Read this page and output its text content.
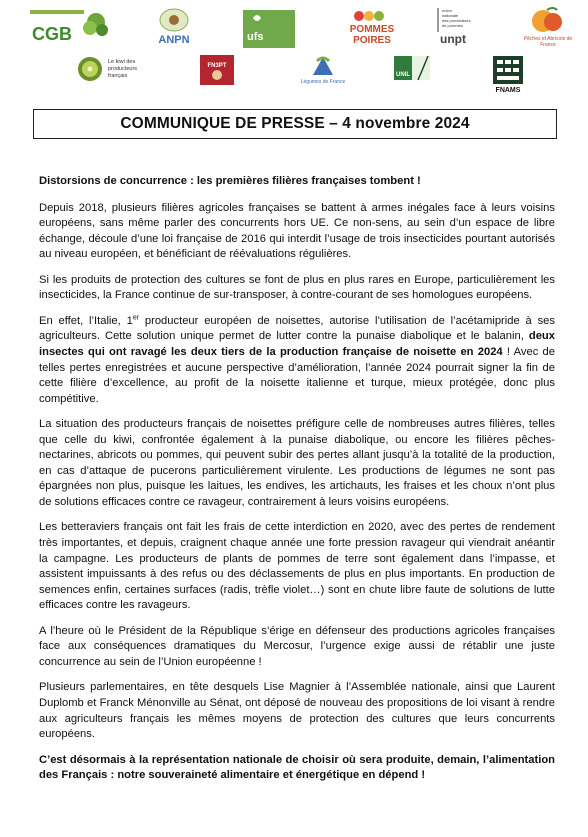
CGB	ANPN	ufs
POMMES
POIRES
union
nationale
des producteurs
de pommes
unpt	Pêches et Abricots de France
Le kiwi des producteurs français
FN3PT
Légumes de France
UNIL
FNAMS
COMMUNIQUE DE PRESSE – 4 novembre 2024

Distorsions de concurrence : les premières filières françaises tombent !

Depuis 2018, plusieurs filières agricoles françaises se battent à armes inégales face à leurs voisins européens, sans même parler des concurrents hors UE. Ce non-sens, au sein d’un espace de libre échange, découle d’une loi française de 2016 qui interdit l’usage de trois insecticides pourtant autorisés au niveau européen, et bénéficiant de réévaluations régulières.

Si les produits de protection des cultures se font de plus en plus rares en Europe, particulièrement les insecticides, la France continue de sur-transposer, à contre-courant de ses homologues européens.

En effet, l’Italie, 1er producteur européen de noisettes, autorise l’utilisation de l’acétamipride à ses agriculteurs. Cette solution unique permet de lutter contre la punaise diabolique et le balanin, deux insectes qui ont ravagé les deux tiers de la production française de noisette en 2024 ! Avec de telles pertes enregistrées et aucune perspective d’amélioration, l’année 2024 pourrait signer la fin de cette filière d’excellence, au profit de la noisette italienne et turque, mieux protégée, donc plus compétitive.

La situation des producteurs français de noisettes préfigure celle de nombreuses autres filières, telles que celle du kiwi, confrontée également à la punaise diabolique, ou encore les filières pêches-nectarines, abricots ou pommes, qui peuvent subir des pertes allant jusqu’à la totalité de la production, en cas d’attaque de pucerons particulièrement virulente. Les productions de légumes ne sont pas épargnées non plus, puisque les laitues, les endives, les artichauts, les fraises et les choux n’ont plus de solutions efficaces contre ce ravageur, contrairement à leurs voisins européens.

Les betteraviers français ont fait les frais de cette interdiction en 2020, avec des pertes de rendement très importantes, et depuis, craignent chaque année une forte pression ravageur qui viendrait anéantir la campagne. Les producteurs de plants de pommes de terre sont également dans l’impasse, et assistent impuissants à des refus ou des déclassements de plus en plus importants. En production de semences enfin, certaines surfaces (radis, trèfle violet…) sont en chute libre faute de solutions de lutte efficaces contre les ravageurs.

A l’heure où le Président de la République s’érige en défenseur des productions agricoles françaises face aux conséquences dramatiques du Mercosur, l’urgence exige aussi de rétablir une juste concurrence au sein de l’Union européenne !

Plusieurs parlementaires, en tête desquels Lise Magnier à l’Assemblée nationale, ainsi que Laurent Duplomb et Franck Ménonville au Sénat, ont déposé de nouveau des propositions de loi visant à rendre aux agriculteurs français les mêmes moyens de protection des cultures que leurs concurrents européens.

C’est désormais à la représentation nationale de choisir où sera produite, demain, l’alimentation des Français : notre souveraineté alimentaire et énergétique en dépend !
